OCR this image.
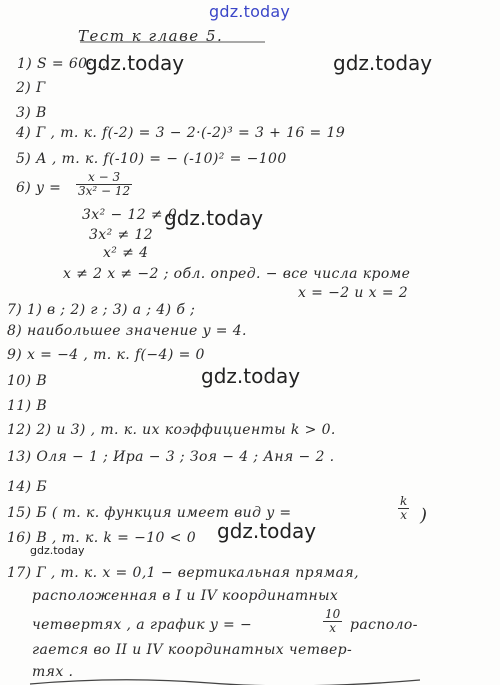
gdz.today
Тест к главе 5.
1) S = 60·…
2) Г
3) В
4) Г , т. к. f(-2) = 3 − 2·(-2)³ = 3 + 16 = 19
5) А , т. к. f(-10) = − (-10)² = −100
6) $y = \frac{x - 3}{\text{3x² − 12}}$
3x² − 12 ≠ 0
3x² ≠ 12
x² ≠ 4
x ≠ 2 x ≠ −2 ; обл. опред. − все числа кроме
x = −2 и x = 2
7) 1) в ; 2) г ; 3) а ; 4) б ;
8) наибольшее значение y = 4.
9) x = −4 , т. к. f(−4) = 0
10) В
11) В
12) 2) и 3) , т. к. их коэффициенты k > 0.
13) Оля − 1 ; Ира − 3 ; Зоя − 4 ; Аня − 2 .
14) Б
15) Б ( т. к. функция имеет вид y =	$\frac{k}{x}$ )
16) В , т. к. k = −10 < 0
17) Г , т. к. x = 0,1 − вертикальная прямая,
расположенная в I и IV координатных
четвертях , а график y = −	$\frac{10}{x}$ располо-
гается во II и IV координатных четвер-
тях .
gdz.today	gdz.today
gdz.today
gdz.today
gdz.today
gdz.today
